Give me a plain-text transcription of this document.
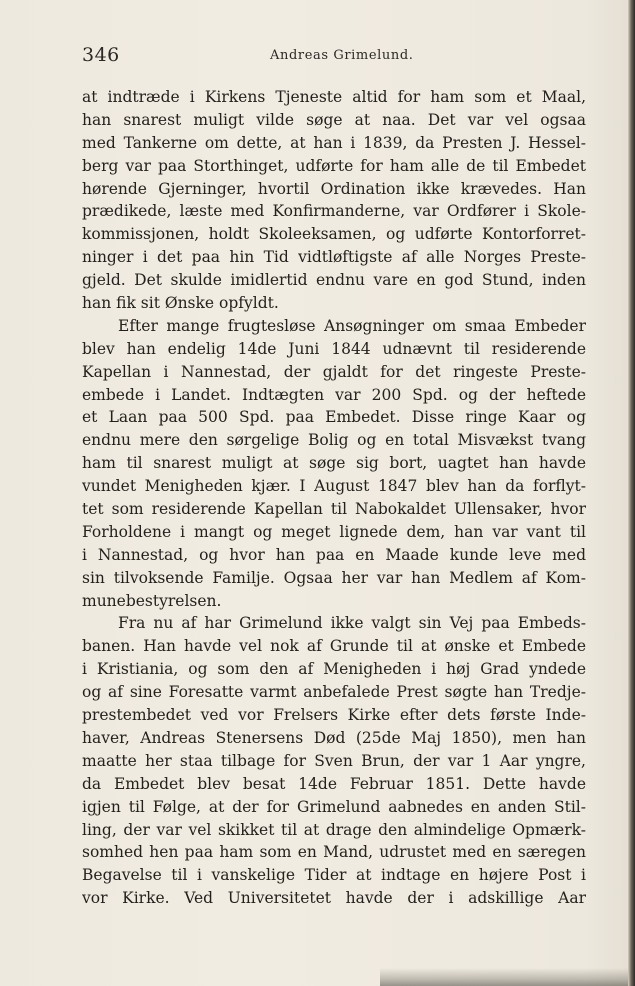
346	Andreas Grimelund.
at indtræde i Kirkens Tjeneste altid for ham som et Maal,
han snarest muligt vilde søge at naa. Det var vel ogsaa
med Tankerne om dette, at han i 1839, da Presten J. Hessel-
berg var paa Storthinget, udførte for ham alle de til Embedet
hørende Gjerninger, hvortil Ordination ikke krævedes. Han
prædikede, læste med Konfirmanderne, var Ordfører i Skole-
kommissjonen, holdt Skoleeksamen, og udførte Kontorforret-
ninger i det paa hin Tid vidtløftigste af alle Norges Preste-
gjeld. Det skulde imidlertid endnu vare en god Stund, inden
han fik sit Ønske opfyldt.
Efter mange frugtesløse Ansøgninger om smaa Embeder
blev han endelig 14de Juni 1844 udnævnt til residerende
Kapellan i Nannestad, der gjaldt for det ringeste Preste-
embede i Landet. Indtægten var 200 Spd. og der heftede
et Laan paa 500 Spd. paa Embedet. Disse ringe Kaar og
endnu mere den sørgelige Bolig og en total Misvækst tvang
ham til snarest muligt at søge sig bort, uagtet han havde
vundet Menigheden kjær. I August 1847 blev han da forflyt-
tet som residerende Kapellan til Nabokaldet Ullensaker, hvor
Forholdene i mangt og meget lignede dem, han var vant til
i Nannestad, og hvor han paa en Maade kunde leve med
sin tilvoksende Familje. Ogsaa her var han Medlem af Kom-
munebestyrelsen.
Fra nu af har Grimelund ikke valgt sin Vej paa Embeds-
banen. Han havde vel nok af Grunde til at ønske et Embede
i Kristiania, og som den af Menigheden i høj Grad yndede
og af sine Foresatte varmt anbefalede Prest søgte han Tredje-
prestembedet ved vor Frelsers Kirke efter dets første Inde-
haver, Andreas Stenersens Død (25de Maj 1850), men han
maatte her staa tilbage for Sven Brun, der var 1 Aar yngre,
da Embedet blev besat 14de Februar 1851. Dette havde
igjen til Følge, at der for Grimelund aabnedes en anden Stil-
ling, der var vel skikket til at drage den almindelige Opmærk-
somhed hen paa ham som en Mand, udrustet med en særegen
Begavelse til i vanskelige Tider at indtage en højere Post i
vor Kirke. Ved Universitetet havde der i adskillige Aar
